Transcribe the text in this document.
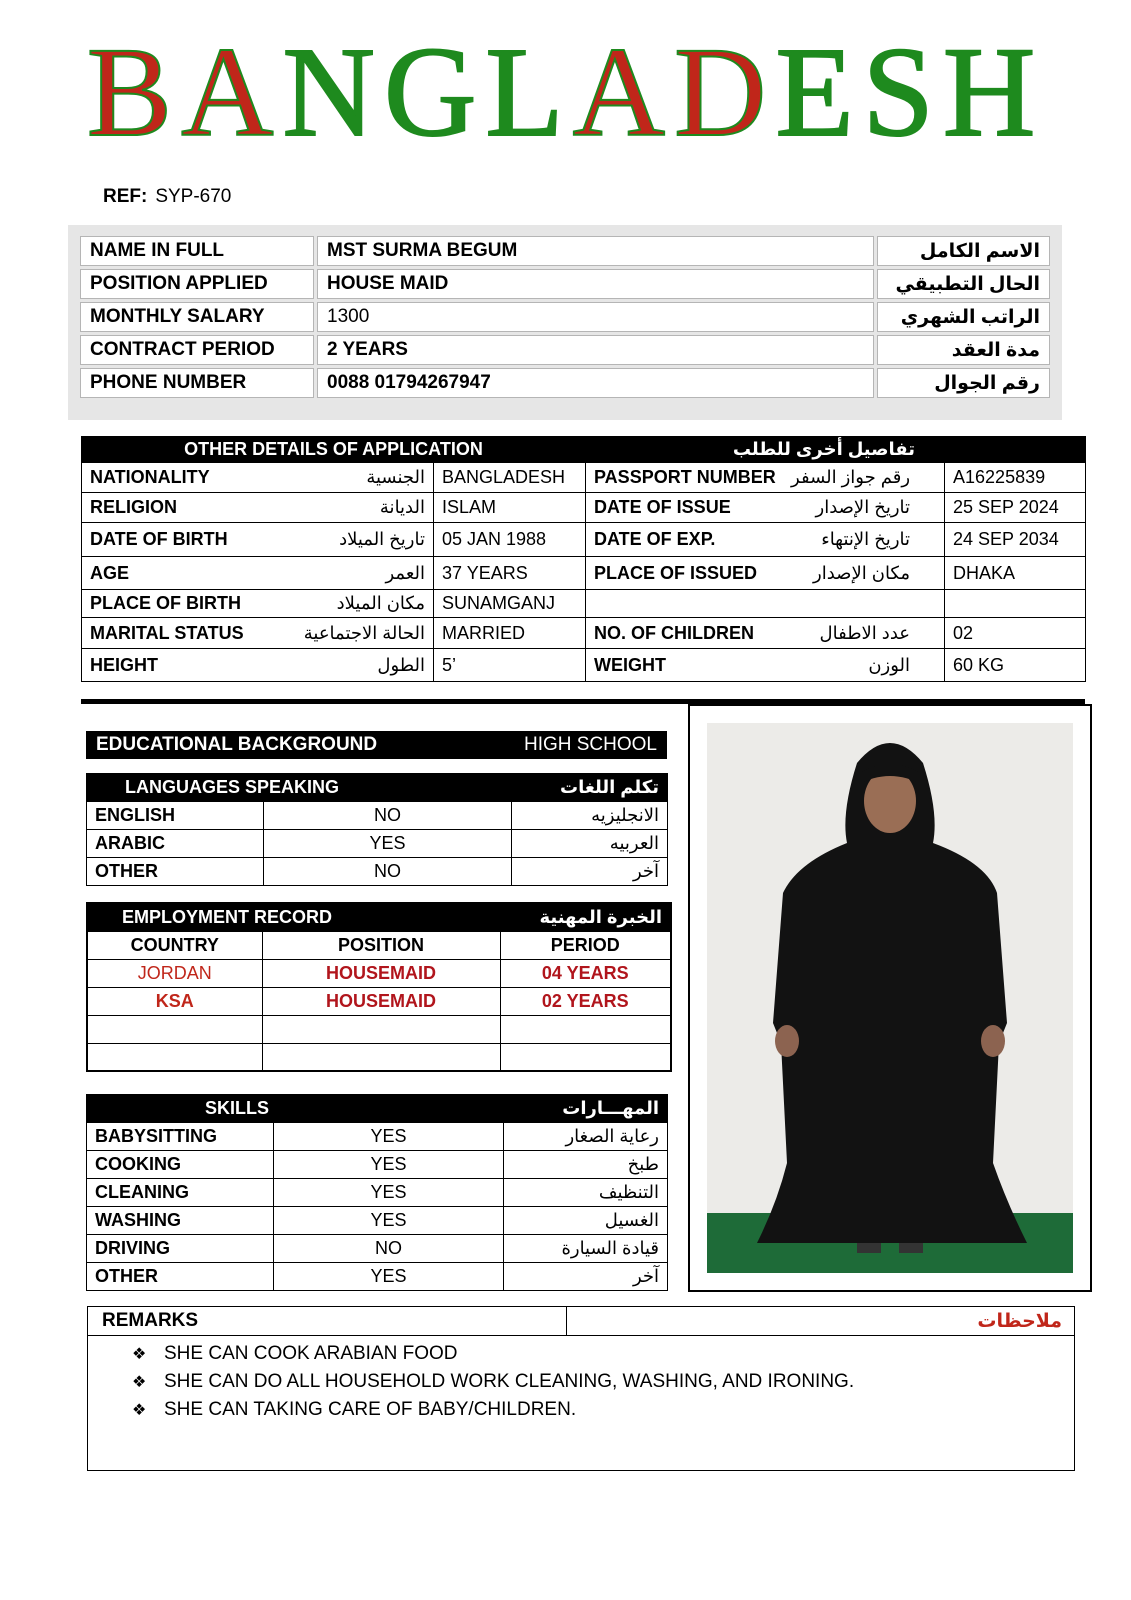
BANGLADESH
REF: SYP-670
NAME IN FULL	MST SURMA BEGUM	الاسم الكامل
POSITION APPLIED	HOUSE MAID	الحال التطبيقي
MONTHLY SALARY	1300	الراتب الشهري
CONTRACT PERIOD	2 YEARS	مدة العقد
PHONE NUMBER	0088 01794267947	رقم الجوال
OTHER DETAILS OF APPLICATION		تفاصيل أخرى للطلب	
NATIONALITY الجنسية	BANGLADESH	PASSPORT NUMBER رقم جواز السفر	A16225839
RELIGION الديانة	ISLAM	DATE OF ISSUE تاريخ الإصدار	25 SEP 2024
DATE OF BIRTH تاريخ الميلاد	05 JAN 1988	DATE OF EXP. تاريخ الإنتهاء	24 SEP 2034
AGE العمر	37 YEARS	PLACE OF ISSUED مكان الإصدار	DHAKA
PLACE OF BIRTH مكان الميلاد	SUNAMGANJ	

MARITAL STATUS الحالة الاجتماعية	MARRIED	NO. OF CHILDREN عدد الاطفال	02
HEIGHT الطول	5’	WEIGHT الوزن	60 KG
EDUCATIONAL BACKGROUND	HIGH SCHOOL
LANGUAGES SPEAKING		تكلم اللغات
ENGLISH	NO	الانجليزيه
ARABIC	YES	العربيه
OTHER	NO	آخر
EMPLOYMENT RECORD		الخبرة المهنية
COUNTRY	POSITION	PERIOD
JORDAN	HOUSEMAID	04 YEARS
KSA	HOUSEMAID	02 YEARS

SKILLS		المهـــارات
BABYSITTING	YES	رعاية الصغار
COOKING	YES	طبخ
CLEANING	YES	التنظيف
WASHING	YES	الغسيل
DRIVING	NO	قيادة السيارة
OTHER	YES	آخر
REMARKS	ملاحظات
❖ SHE CAN COOK ARABIAN FOOD
❖ SHE CAN DO ALL HOUSEHOLD WORK CLEANING, WASHING, AND IRONING.
❖ SHE CAN TAKING CARE OF BABY/CHILDREN.
